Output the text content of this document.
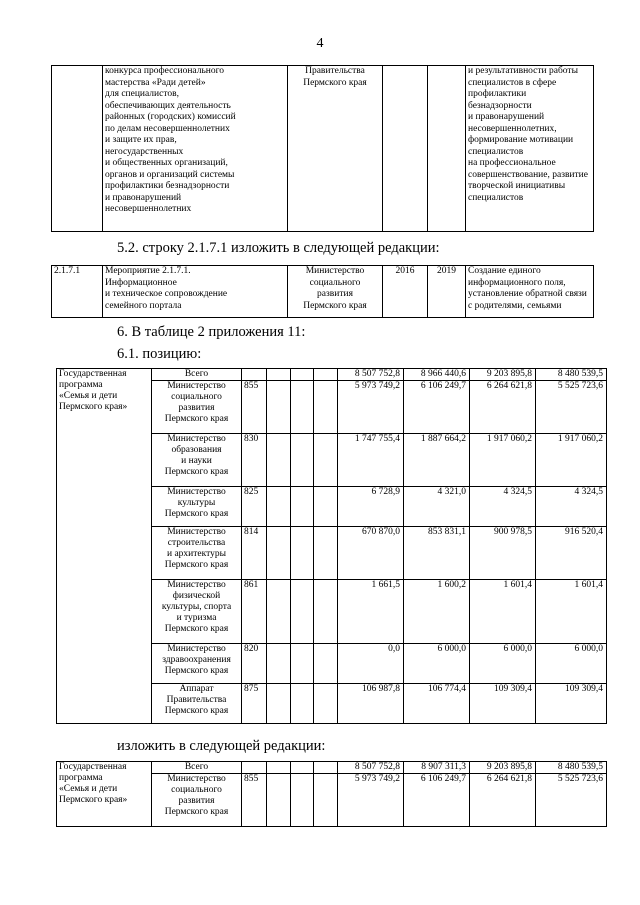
4
	конкурса профессионального
мастерства «Ради детей»
для специалистов,
обеспечивающих деятельность
районных (городских) комиссий
по делам несовершеннолетних
и защите их прав,
негосударственных
и общественных организаций,
органов и организаций системы
профилактики безнадзорности
и правонарушений
несовершеннолетних	Правительства
Пермского края			и результативности работы
специалистов в сфере
профилактики безнадзорности
и правонарушений
несовершеннолетних,
формирование мотивации
специалистов
на профессиональное
совершенствование, развитие
творческой инициативы
специалистов
5.2. строку 2.1.7.1 изложить в следующей редакции:
2.1.7.1	Мероприятие 2.1.7.1.
Информационное
и техническое сопровождение
семейного портала	Министерство
социального
развития
Пермского края	2016	2019	Создание единого
информационного поля,
установление обратной связи
с родителями, семьями
6. В таблице 2 приложения 11:
6.1. позицию:
Государственная
программа
«Семья и дети
Пермского края»	Всего					8 507 752,8	8 966 440,6	9 203 895,8	8 480 539,5
	Министерство
социального
развития
Пермского края	855				5 973 749,2	6 106 249,7	6 264 621,8	5 525 723,6
	Министерство
образования
и науки
Пермского края	830				1 747 755,4	1 887 664,2	1 917 060,2	1 917 060,2
	Министерство
культуры
Пермского края	825				6 728,9	4 321,0	4 324,5	4 324,5
	Министерство
строительства
и архитектуры
Пермского края	814				670 870,0	853 831,1	900 978,5	916 520,4
	Министерство
физической
культуры, спорта
и туризма
Пермского края	861				1 661,5	1 600,2	1 601,4	1 601,4
	Министерство
здравоохранения
Пермского края	820				0,0	6 000,0	6 000,0	6 000,0
	Аппарат
Правительства
Пермского края	875				106 987,8	106 774,4	109 309,4	109 309,4
изложить в следующей редакции:
Государственная
программа
«Семья и дети
Пермского края»	Всего					8 507 752,8	8 907 311,3	9 203 895,8	8 480 539,5
	Министерство
социального
развития
Пермского края	855				5 973 749,2	6 106 249,7	6 264 621,8	5 525 723,6
